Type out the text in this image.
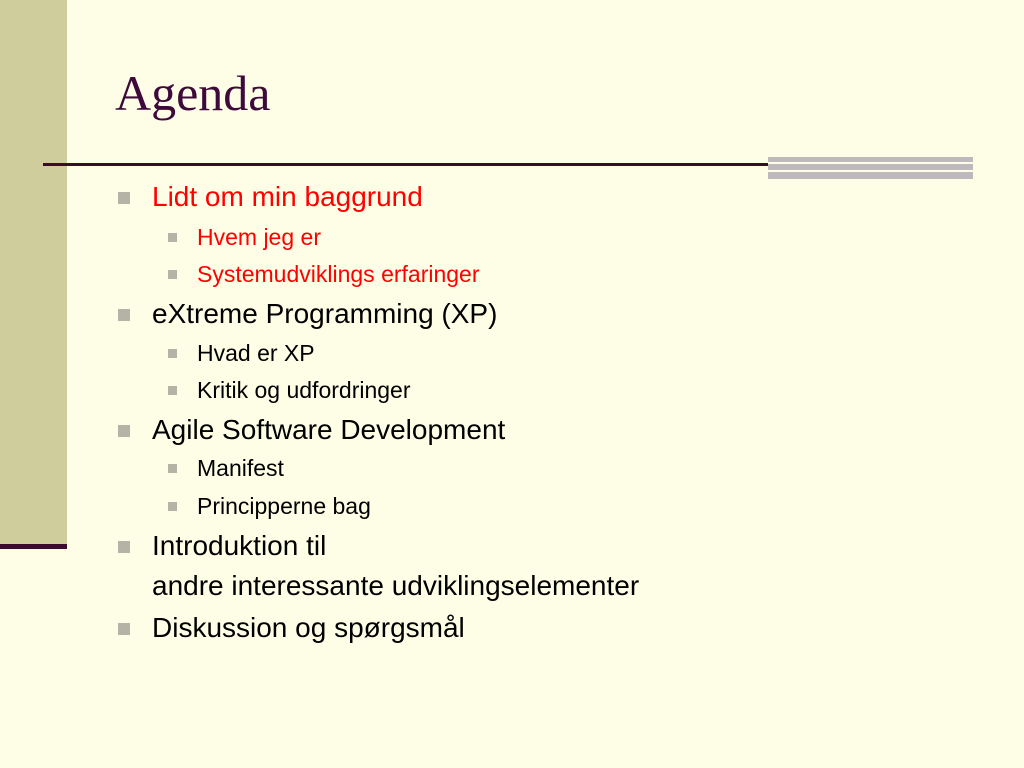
Agenda
Lidt om min baggrund
Hvem jeg er
Systemudviklings erfaringer
eXtreme Programming (XP)
Hvad er XP
Kritik og udfordringer
Agile Software Development
Manifest
Principperne bag
Introduktion til
andre interessante udviklingselementer
Diskussion og spørgsmål
